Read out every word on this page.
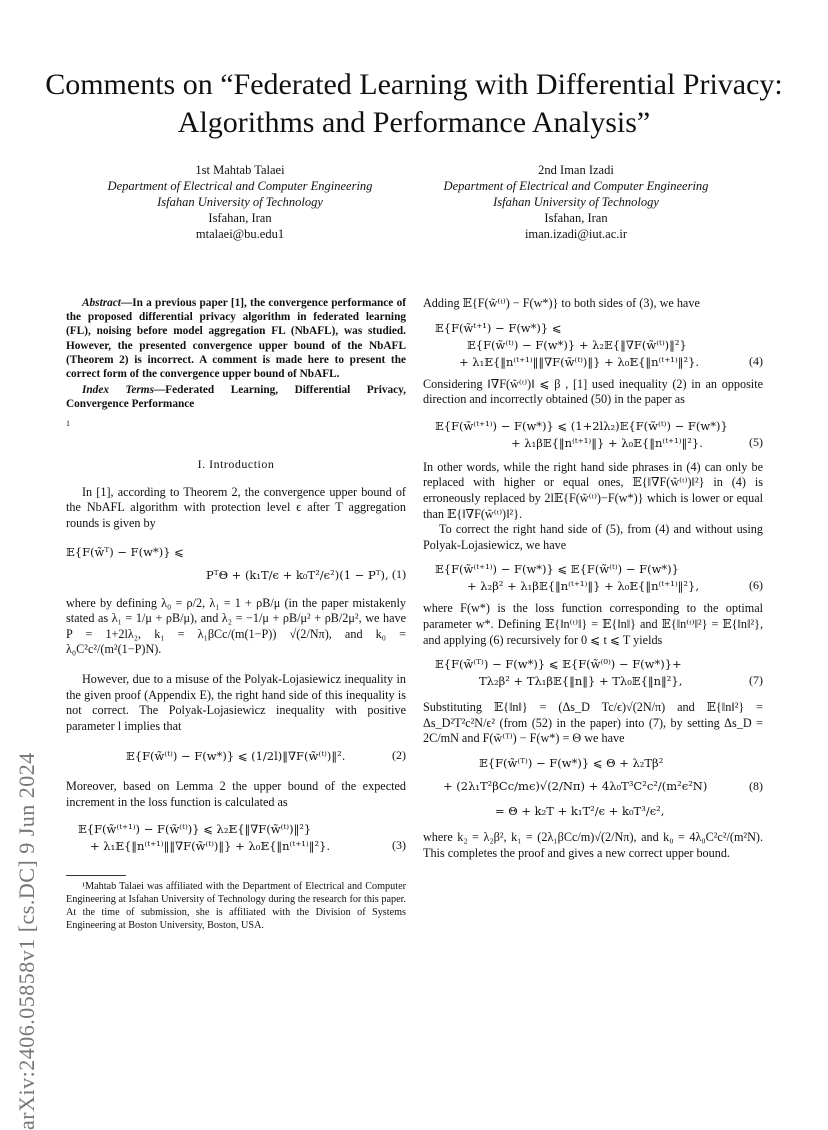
Comments on “Federated Learning with Differential Privacy: Algorithms and Performance Analysis”
1st Mahtab Talaei
Department of Electrical and Computer Engineering
Isfahan University of Technology
Isfahan, Iran
mtalaei@bu.edu1
2nd Iman Izadi
Department of Electrical and Computer Engineering
Isfahan University of Technology
Isfahan, Iran
iman.izadi@iut.ac.ir
arXiv:2406.05858v1 [cs.DC] 9 Jun 2024

Abstract—In a previous paper [1], the convergence performance of the proposed differential privacy algorithm in federated learning (FL), noising before model aggregation FL (NbAFL), was studied. However, the presented convergence upper bound of the NbAFL (Theorem 2) is incorrect. A comment is made here to present the correct form of the convergence upper bound of NbAFL.

Index Terms—Federated Learning, Differential Privacy, Convergence Performance

1

I. Introduction

In [1], according to Theorem 2, the convergence upper bound of the NbAFL algorithm with protection level ϵ after T aggregation rounds is given by

𝔼{F(w̃ᵀ) − F(w*)} ⩽
PᵀΘ + (k₁T/ϵ + k₀T²/ϵ²)(1 − Pᵀ), (1)

where by defining λ₀ = ρ/2, λ₁ = 1 + ρB/μ (in the paper mistakenly stated as λ₁ = 1/μ + ρB/μ), and λ₂ = −1/μ + ρB/μ² + ρB/2μ², we have P = 1+2lλ₂, k₁ = λ₁βCc/(m(1−P)) √(2/Nπ), and k₀ = λ₀C²c²/(m²(1−P)N).

However, due to a misuse of the Polyak-Lojasiewicz inequality in the given proof (Appendix E), the right hand side of this inequality is not correct. The Polyak-Lojasiewicz inequality with positive parameter l implies that

𝔼{F(w̃⁽ᵗ⁾) − F(w*)} ⩽ (1/2l)‖∇F(w̃⁽ᵗ⁾)‖².	(2)

Moreover, based on Lemma 2 the upper bound of the expected increment in the loss function is calculated as

𝔼{F(w̃⁽ᵗ⁺¹⁾) − F(w̃⁽ᵗ⁾)} ⩽ λ₂𝔼{‖∇F(w̃⁽ᵗ⁾)‖²}
+ λ₁𝔼{‖n⁽ᵗ⁺¹⁾‖‖∇F(w̃⁽ᵗ⁾)‖} + λ₀𝔼{‖n⁽ᵗ⁺¹⁾‖²}.	(3)

¹Mahtab Talaei was affiliated with the Department of Electrical and Computer Engineering at Isfahan University of Technology during the research for this paper. At the time of submission, she is affiliated with the Division of Systems Engineering at Boston University, Boston, USA.

Adding 𝔼{F(w̃⁽ᵗ⁾) − F(w*)} to both sides of (3), we have

𝔼{F(w̃ᵗ⁺¹) − F(w*)} ⩽
𝔼{F(w̃⁽ᵗ⁾) − F(w*)} + λ₂𝔼{‖∇F(w̃⁽ᵗ⁾)‖²}
+ λ₁𝔼{‖n⁽ᵗ⁺¹⁾‖‖∇F(w̃⁽ᵗ⁾)‖} + λ₀𝔼{‖n⁽ᵗ⁺¹⁾‖²}.	(4)

Considering ‖∇F(w̃⁽ᵗ⁾)‖ ⩽ β , [1] used inequality (2) in an opposite direction and incorrectly obtained (50) in the paper as

𝔼{F(w̃⁽ᵗ⁺¹⁾) − F(w*)} ⩽ (1+2lλ₂)𝔼{F(w̃⁽ᵗ⁾) − F(w*)}
+ λ₁β𝔼{‖n⁽ᵗ⁺¹⁾‖} + λ₀𝔼{‖n⁽ᵗ⁺¹⁾‖²}.	(5)

In other words, while the right hand side phrases in (4) can only be replaced with higher or equal ones, 𝔼{‖∇F(w̃⁽ᵗ⁾)‖²} in (4) is erroneously replaced by 2l𝔼{F(w̃⁽ᵗ⁾)−F(w*)} which is lower or equal than 𝔼{‖∇F(w̃⁽ᵗ⁾)‖²}.

To correct the right hand side of (5), from (4) and without using Polyak-Lojasiewicz, we have

𝔼{F(w̃⁽ᵗ⁺¹⁾) − F(w*)} ⩽ 𝔼{F(w̃⁽ᵗ⁾) − F(w*)}
+ λ₂β² + λ₁β𝔼{‖n⁽ᵗ⁺¹⁾‖} + λ₀𝔼{‖n⁽ᵗ⁺¹⁾‖²},	(6)

where F(w*) is the loss function corresponding to the optimal parameter w*. Defining 𝔼{‖n⁽ᵗ⁾‖} = 𝔼{‖n‖} and 𝔼{‖n⁽ᵗ⁾‖²} = 𝔼{‖n‖²}, and applying (6) recursively for 0 ⩽ t ⩽ T yields

𝔼{F(w̃⁽ᵀ⁾) − F(w*)} ⩽ 𝔼{F(w̃⁽⁰⁾) − F(w*)}+
Tλ₂β² + Tλ₁β𝔼{‖n‖} + Tλ₀𝔼{‖n‖²},	(7)

Substituting 𝔼{‖n‖} = (Δs_D Tc/ϵ)√(2N/π) and 𝔼{‖n‖²} = Δs_D²T²c²N/ϵ² (from (52) in the paper) into (7), by setting Δs_D = 2C/mN and F(w̃⁽ᵀ⁾) − F(w*) = Θ we have

𝔼{F(w̃⁽ᵀ⁾) − F(w*)} ⩽ Θ + λ₂Tβ²
+ (2λ₁T²βCc/mϵ)√(2/Nπ) + 4λ₀T³C²c²/(m²ϵ²N)
= Θ + k₂T + k₁T²/ϵ + k₀T³/ϵ²,
(8)

where k₂ = λ₂β², k₁ = (2λ₁βCc/m)√(2/Nπ), and k₀ = 4λ₀C²c²/(m²N). This completes the proof and gives a new correct upper bound.
